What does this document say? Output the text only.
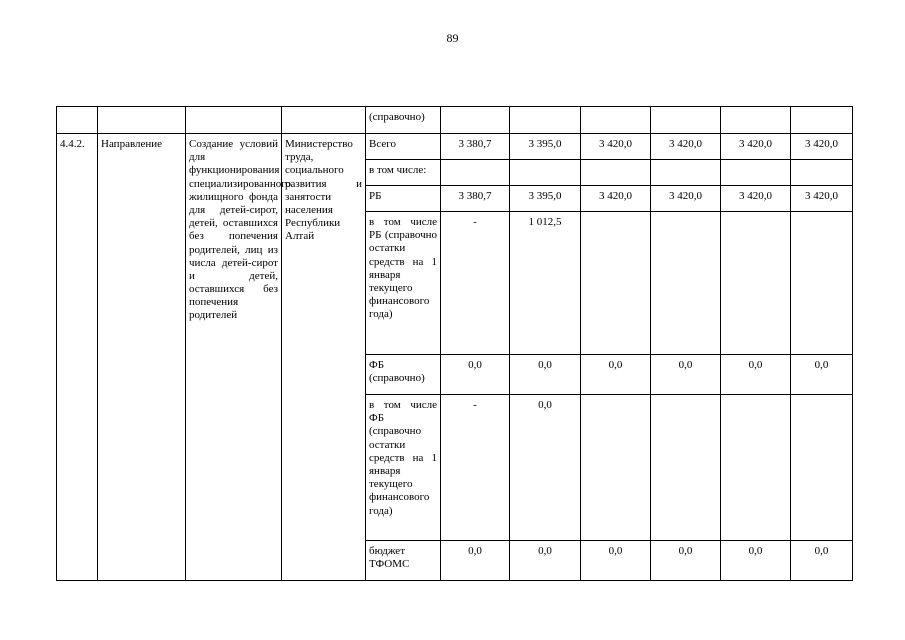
89
				(справочно)						
4.4.2.	Направление	Создание условий для функционирования специализированного жилищного фонда для детей-сирот, детей, оставшихся без попечения родителей, лиц из числа детей-сирот и детей, оставшихся без попечения родителей	Министерство труда, социального развития и занятости населения Республики Алтай	Всего	3 380,7	3 395,0	3 420,0	3 420,0	3 420,0	3 420,0
				в том числе:						
				РБ	3 380,7	3 395,0	3 420,0	3 420,0	3 420,0	3 420,0
				в том числе РБ (справочно остатки средств на 1 января текущего финансового года)	-	1 012,5				
				ФБ (справочно)	0,0	0,0	0,0	0,0	0,0	0,0
				в том числе ФБ (справочно остатки средств на 1 января текущего финансового года)	-	0,0				
				бюджет ТФОМС	0,0	0,0	0,0	0,0	0,0	0,0
